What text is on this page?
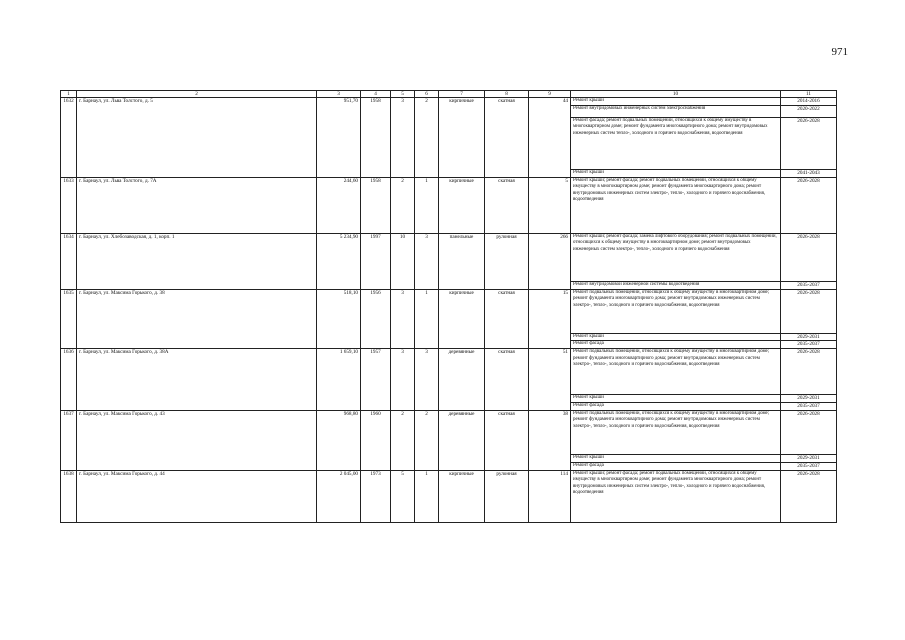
971
1	2	3	4	5	6	7	8	9	10	11
1632	г. Барнаул, ул. Льва Толстого, д. 5	951,70	1958	3	2	кирпичные	скатная	44	Ремонт крыши	2014-2016
									Ремонт внутридомовых инженерных систем электроснабжения	2020-2022
									Ремонт фасада; ремонт подвальных помещений, относящихся к общему имуществу в многоквартирном доме; ремонт фундамента многоквартирного дома; ремонт внутридомовых инженерных систем тепло-, холодного и горячего водоснабжения, водоотведения	2026-2028
									Ремонт крыши	2041-2043
1633	г. Барнаул, ул. Льва Толстого, д. 7А	244,60	1958	2	1	кирпичные	скатная	5	Ремонт крыши; ремонт фасада; ремонт подвальных помещений, относящихся к общему имуществу в многоквартирном доме; ремонт фундамента многоквартирного дома; ремонт внутридомовых инженерных систем электро-, тепло-, холодного и горячего водоснабжения, водоотведения	2026-2028
1634	г. Барнаул, ул. Хлебозаводская, д. 1, корп. 1	5 234,90	1997	10	3	панельные	рулонная	266	Ремонт крыши; ремонт фасада; замена лифтового оборудования; ремонт подвальных помещений, относящихся к общему имуществу в многоквартирном доме; ремонт внутридомовых инженерных систем электро-, тепло-, холодного и горячего водоснабжения	2026-2028
									Ремонт внутридомовой инженерной системы водоотведения	2035-2037
1635	г. Барнаул, ул. Максима Горького, д. 38	518,10	1956	3	1	кирпичные	скатная	15	Ремонт подвальных помещений, относящихся к общему имуществу в многоквартирном доме; ремонт фундамента многоквартирного дома; ремонт внутридомовых инженерных систем электро-, тепло-, холодного и горячего водоснабжения, водоотведения	2026-2028
									Ремонт крыши	2029-2031
									Ремонт фасада	2035-2037
1636	г. Барнаул, ул. Максима Горького, д. 38А	1 659,10	1957	3	3	деревянные	скатная	51	Ремонт подвальных помещений, относящихся к общему имуществу в многоквартирном доме; ремонт фундамента многоквартирного дома; ремонт внутридомовых инженерных систем электро-, тепло-, холодного и горячего водоснабжения, водоотведения	2026-2028
									Ремонт крыши	2029-2031
									Ремонт фасада	2035-2037
1637	г. Барнаул, ул. Максима Горького, д. 43	968,80	1960	2	2	деревянные	скатная	38	Ремонт подвальных помещений, относящихся к общему имуществу в многоквартирном доме; ремонт фундамента многоквартирного дома; ремонт внутридомовых инженерных систем электро-, тепло-, холодного и горячего водоснабжения, водоотведения	2026-2028
									Ремонт крыши	2029-2031
									Ремонт фасада	2035-2037
1638	г. Барнаул, ул. Максима Горького, д. 44	2 045,00	1973	5	1	кирпичные	рулонная	114	Ремонт крыши; ремонт фасада; ремонт подвальных помещений, относящихся к общему имуществу в многоквартирном доме; ремонт фундамента многоквартирного дома; ремонт внутридомовых инженерных систем электро-, тепло-, холодного и горячего водоснабжения, водоотведения	2026-2028
